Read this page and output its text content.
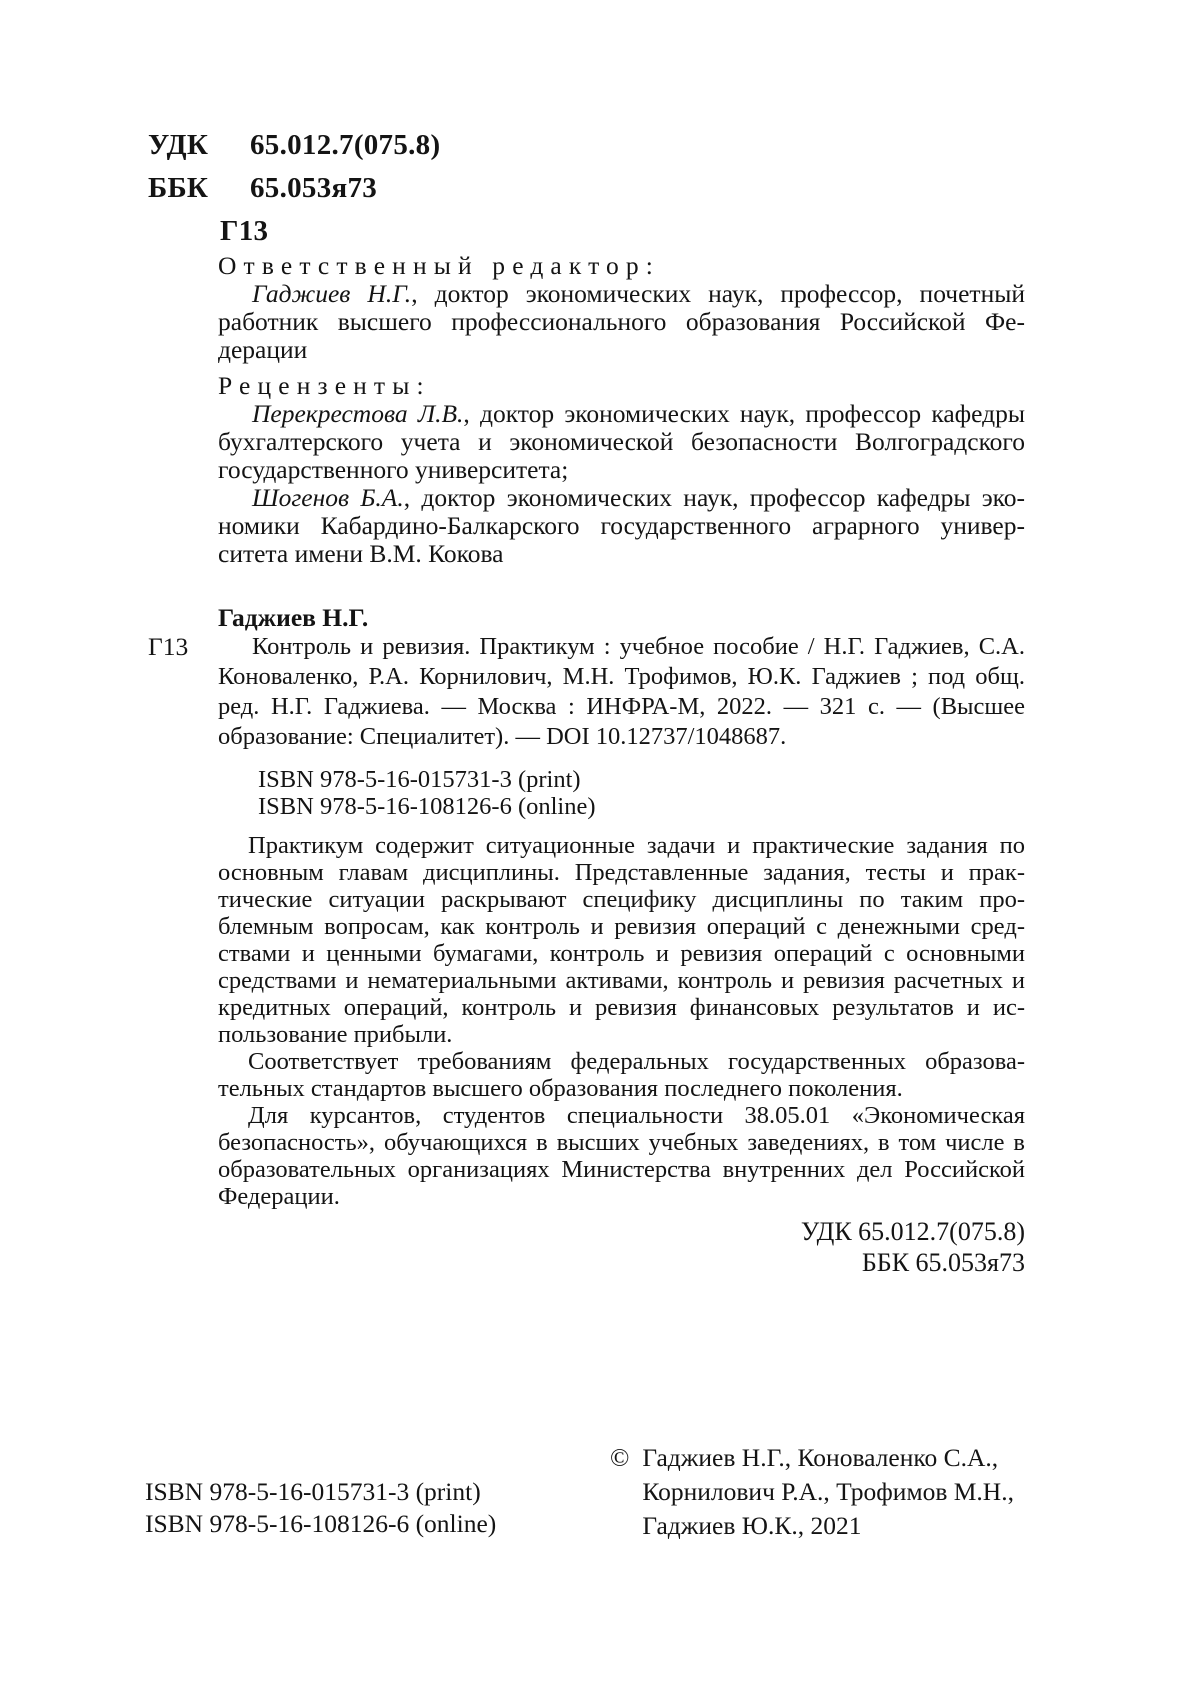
УДК 65.012.7(075.8)
ББК 65.053я73
Г13
Ответственный редактор:

Гаджиев Н.Г., доктор экономических наук, профессор, почетный работник высшего профессионального образования Российской Федерации

Рецензенты:

Перекрестова Л.В., доктор экономических наук, профессор кафедры бухгалтерского учета и экономической безопасности Волгоградского государственного университета;

Шогенов Б.А., доктор экономических наук, профессор кафедры экономики Кабардино-Балкарского государственного аграрного университета имени В.М. Кокова

Гаджиев Н.Г.
Г13	Контроль и ревизия. Практикум : учебное пособие / Н.Г. Гаджиев, С.А. Коноваленко, Р.А. Корнилович, М.Н. Трофимов, Ю.К. Гаджиев ; под общ. ред. Н.Г. Гаджиева. — Москва : ИНФРА-М, 2022. — 321 с. — (Высшее образование: Специалитет). — DOI 10.12737/1048687.

ISBN 978-5-16-015731-3 (print)
ISBN 978-5-16-108126-6 (online)

Практикум содержит ситуационные задачи и практические задания по основным главам дисциплины. Представленные задания, тесты и практические ситуации раскрывают специфику дисциплины по таким проблемным вопросам, как контроль и ревизия операций с денежными средствами и ценными бумагами, контроль и ревизия операций с основными средствами и нематериальными активами, контроль и ревизия расчетных и кредитных операций, контроль и ревизия финансовых результатов и использование прибыли.

Соответствует требованиям федеральных государственных образовательных стандартов высшего образования последнего поколения.

Для курсантов, студентов специальности 38.05.01 «Экономическая безопасность», обучающихся в высших учебных заведениях, в том числе в образовательных организациях Министерства внутренних дел Российской Федерации.

УДК 65.012.7(075.8)
ББК 65.053я73
ISBN 978-5-16-015731-3 (print)
ISBN 978-5-16-108126-6 (online)
© Гаджиев Н.Г., Коноваленко С.А.,
Корнилович Р.А., Трофимов М.Н.,
Гаджиев Ю.К., 2021
